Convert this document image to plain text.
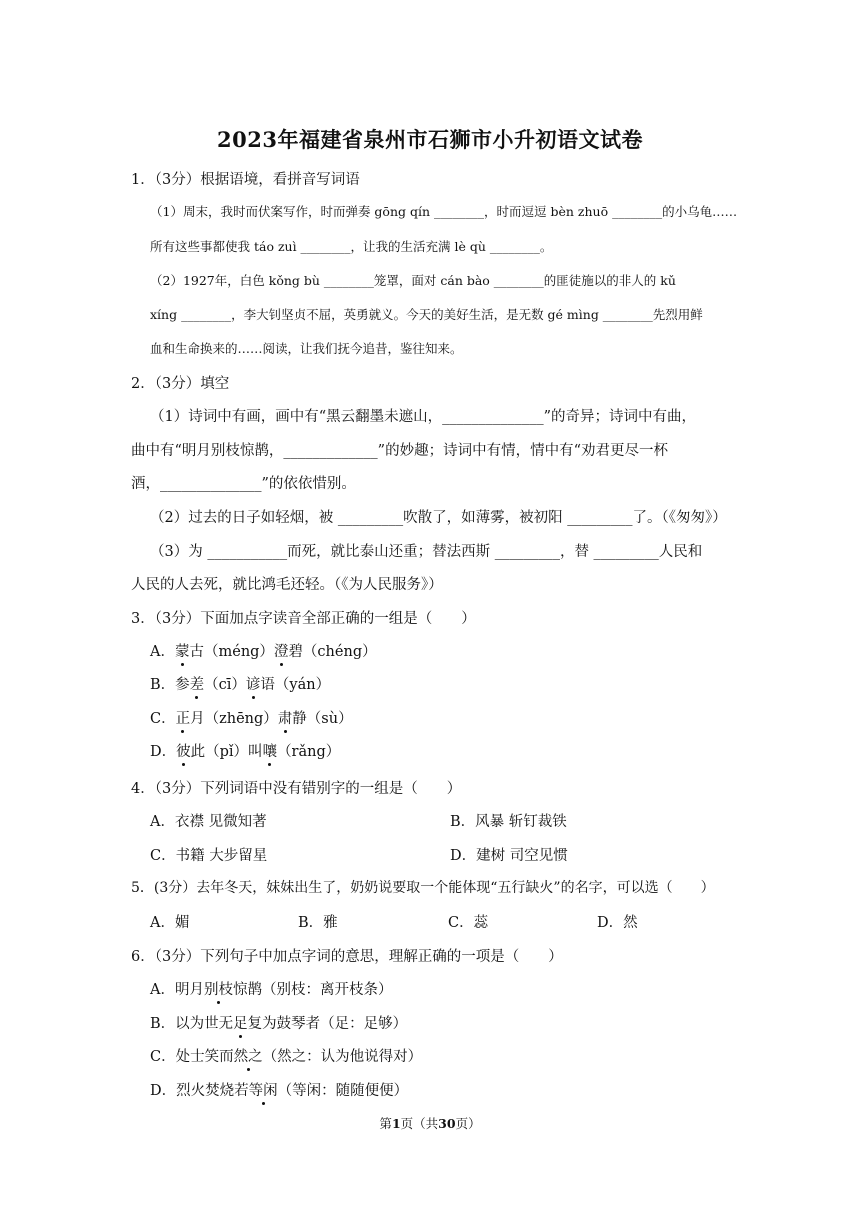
2023年福建省泉州市石狮市小升初语文试卷
1．（3分）根据语境，看拼音写词语
（1）周末，我时而伏案写作，时而弹奏 gōng qín ________，时而逗逗 bèn zhuō ________的小乌龟……
所有这些事都使我 táo zuì ________，让我的生活充满 lè qù ________。
（2）1927年，白色 kǒng bù ________笼罩，面对 cán bào ________的匪徒施以的非人的 kǔ
xíng ________，李大钊坚贞不屈，英勇就义。今天的美好生活，是无数 gé mìng ________先烈用鲜
血和生命换来的……阅读，让我们抚今追昔，鉴往知来。
2．（3分）填空
（1）诗词中有画，画中有“黑云翻墨未遮山，______________”的奇异；诗词中有曲，
曲中有“明月别枝惊鹊，_____________”的妙趣；诗词中有情，情中有“劝君更尽一杯
酒，______________”的依依惜别。
（2）过去的日子如轻烟，被 _________吹散了，如薄雾，被初阳 _________了。（《匆匆》）
（3）为 ___________而死，就比泰山还重；替法西斯 _________，替 _________人民和
人民的人去死，就比鸿毛还轻。（《为人民服务》）
3．（3分）下面加点字读音全部正确的一组是（　　）
A．蒙古（méng）澄碧（chéng）
B．参差（cī）谚语（yán）
C．正月（zhēng）肃静（sù）
D．彼此（pǐ）叫嚷（rǎng）
4．（3分）下列词语中没有错别字的一组是（　　）
A．衣襟 见微知著	B．风暴 斩钉裁铁
C．书籍 大步留星	D．建树 司空见惯
5．(3分）去年冬天，妹妹出生了，奶奶说要取一个能体现“五行缺火”的名字，可以选（　　）
A．媚	B．雅	C．蕊	D．然
6．（3分）下列句子中加点字词的意思，理解正确的一项是（　　）
A．明月别枝惊鹊（别枝：离开枝条）
B．以为世无足复为鼓琴者（足：足够）
C．处士笑而然之（然之：认为他说得对）
D．烈火焚烧若等闲（等闲：随随便便）
第1页（共30页）
